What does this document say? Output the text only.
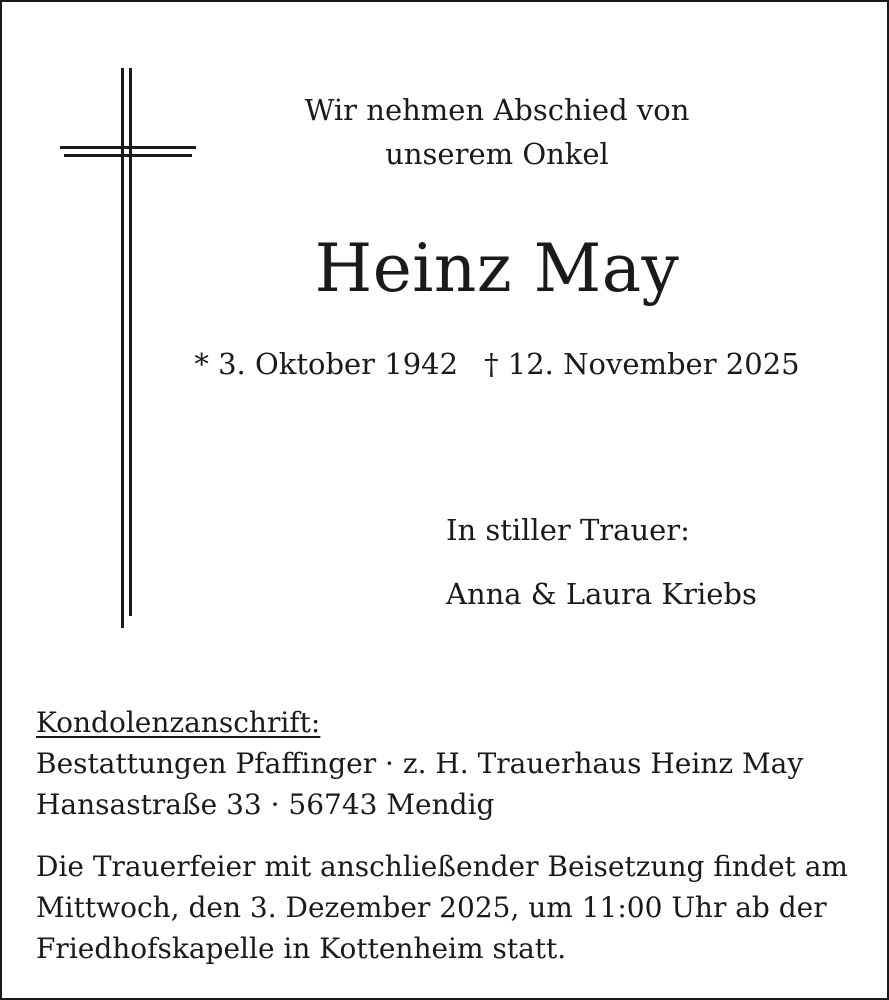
Wir nehmen Abschied von
unserem Onkel
Heinz May
* 3. Oktober 1942 † 12. November 2025
In stiller Trauer:
Anna & Laura Kriebs
Kondolenzanschrift:
Bestattungen Pfaffinger · z. H. Trauerhaus Heinz May
Hansastraße 33 · 56743 Mendig
Die Trauerfeier mit anschließender Beisetzung findet am
Mittwoch, den 3. Dezember 2025, um 11:00 Uhr ab der
Friedhofskapelle in Kottenheim statt.
